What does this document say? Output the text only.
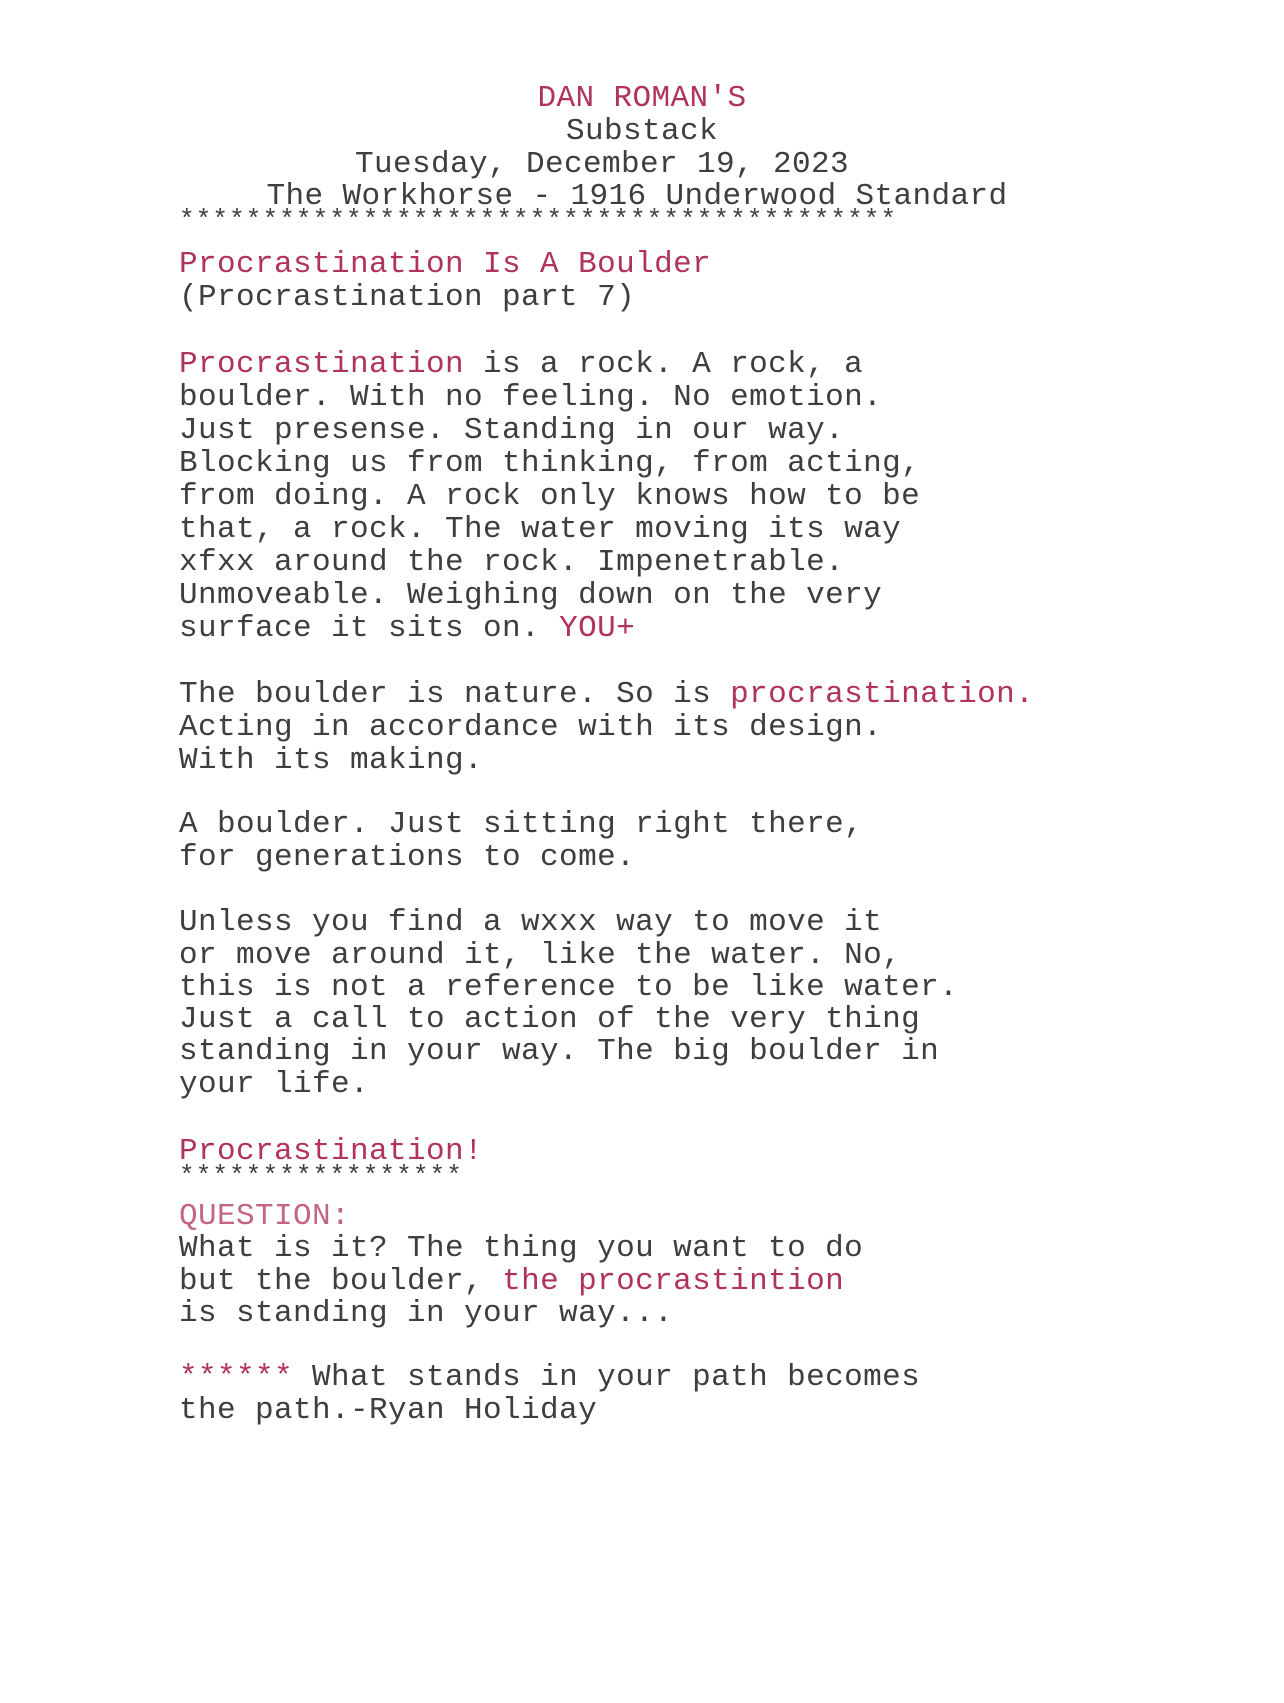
DAN ROMAN'S
Substack
Tuesday, December 19, 2023
The Workhorse - 1916 Underwood Standard
*******************************************
Procrastination Is A Boulder
(Procrastination part 7)
Procrastination is a rock. A rock, a
boulder. With no feeling. No emotion.
Just presense. Standing in our way.
Blocking us from thinking, from acting,
from doing. A rock only knows how to be
that, a rock. The water moving its way
xfxx around the rock. Impenetrable.
Unmoveable. Weighing down on the very
surface it sits on. YOU+
The boulder is nature. So is procrastination.
Acting in accordance with its design.
With its making.
A boulder. Just sitting right there,
for generations to come.
Unless you find a wxxx way to move it
or move around it, like the water. No,
this is not a reference to be like water.
Just a call to action of the very thing
standing in your way. The big boulder in
your life.
Procrastination!
*****************
QUESTION:
What is it? The thing you want to do
but the boulder, the procrastintion
is standing in your way...
****** What stands in your path becomes
the path.-Ryan Holiday
